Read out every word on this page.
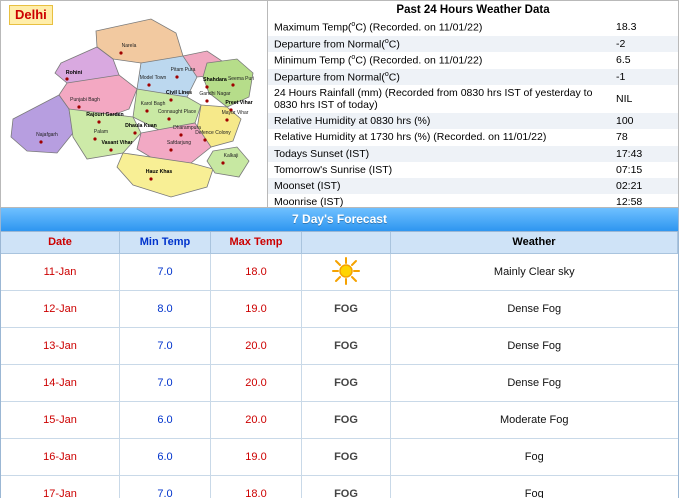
Delhi
Narela
Rohini
Model Town
Pitam Pura
Shahdara Seema Puri
Punjabi Bagh
Civil Lines Gandhi Nagar
Karol Bagh
Rajouri Garden	Connaught Place	Mayur Vihar
Preet Vihar
Najafgarh	Palam
Dhaula Kuan	Dharampura
Defence Colony
Vasant Vihar	Safdarjung
Kalkaji
Hauz Khas
Past 24 Hours Weather Data
Maximum Temp($^o$C) (Recorded. on 11/01/22)	18.3
Departure from Normal($^o$C)	-2
Minimum Temp ($^o$C) (Recorded. on 11/01/22)	6.5
Departure from Normal($^o$C)	-1
24 Hours Rainfall (mm) (Recorded from 0830 hrs IST of yesterday to 0830 hrs IST of today)	NIL
Relative Humidity at 0830 hrs (%)	100
Relative Humidity at 1730 hrs (%) (Recorded. on 11/01/22)	78
Todays Sunset (IST)	17:43
Tomorrow's Sunrise (IST)	07:15
Moonset (IST)	02:21
Moonrise (IST)	12:58
7 Day's Forecast
Date	Min Temp	Max Temp		Weather
11-Jan	7.0	18.0		Mainly Clear sky
12-Jan	8.0	19.0	FOG	Dense Fog
13-Jan	7.0	20.0	FOG	Dense Fog
14-Jan	7.0	20.0	FOG	Dense Fog
15-Jan	6.0	20.0	FOG	Moderate Fog
16-Jan	6.0	19.0	FOG	Fog
17-Jan	7.0	18.0	FOG	Fog
